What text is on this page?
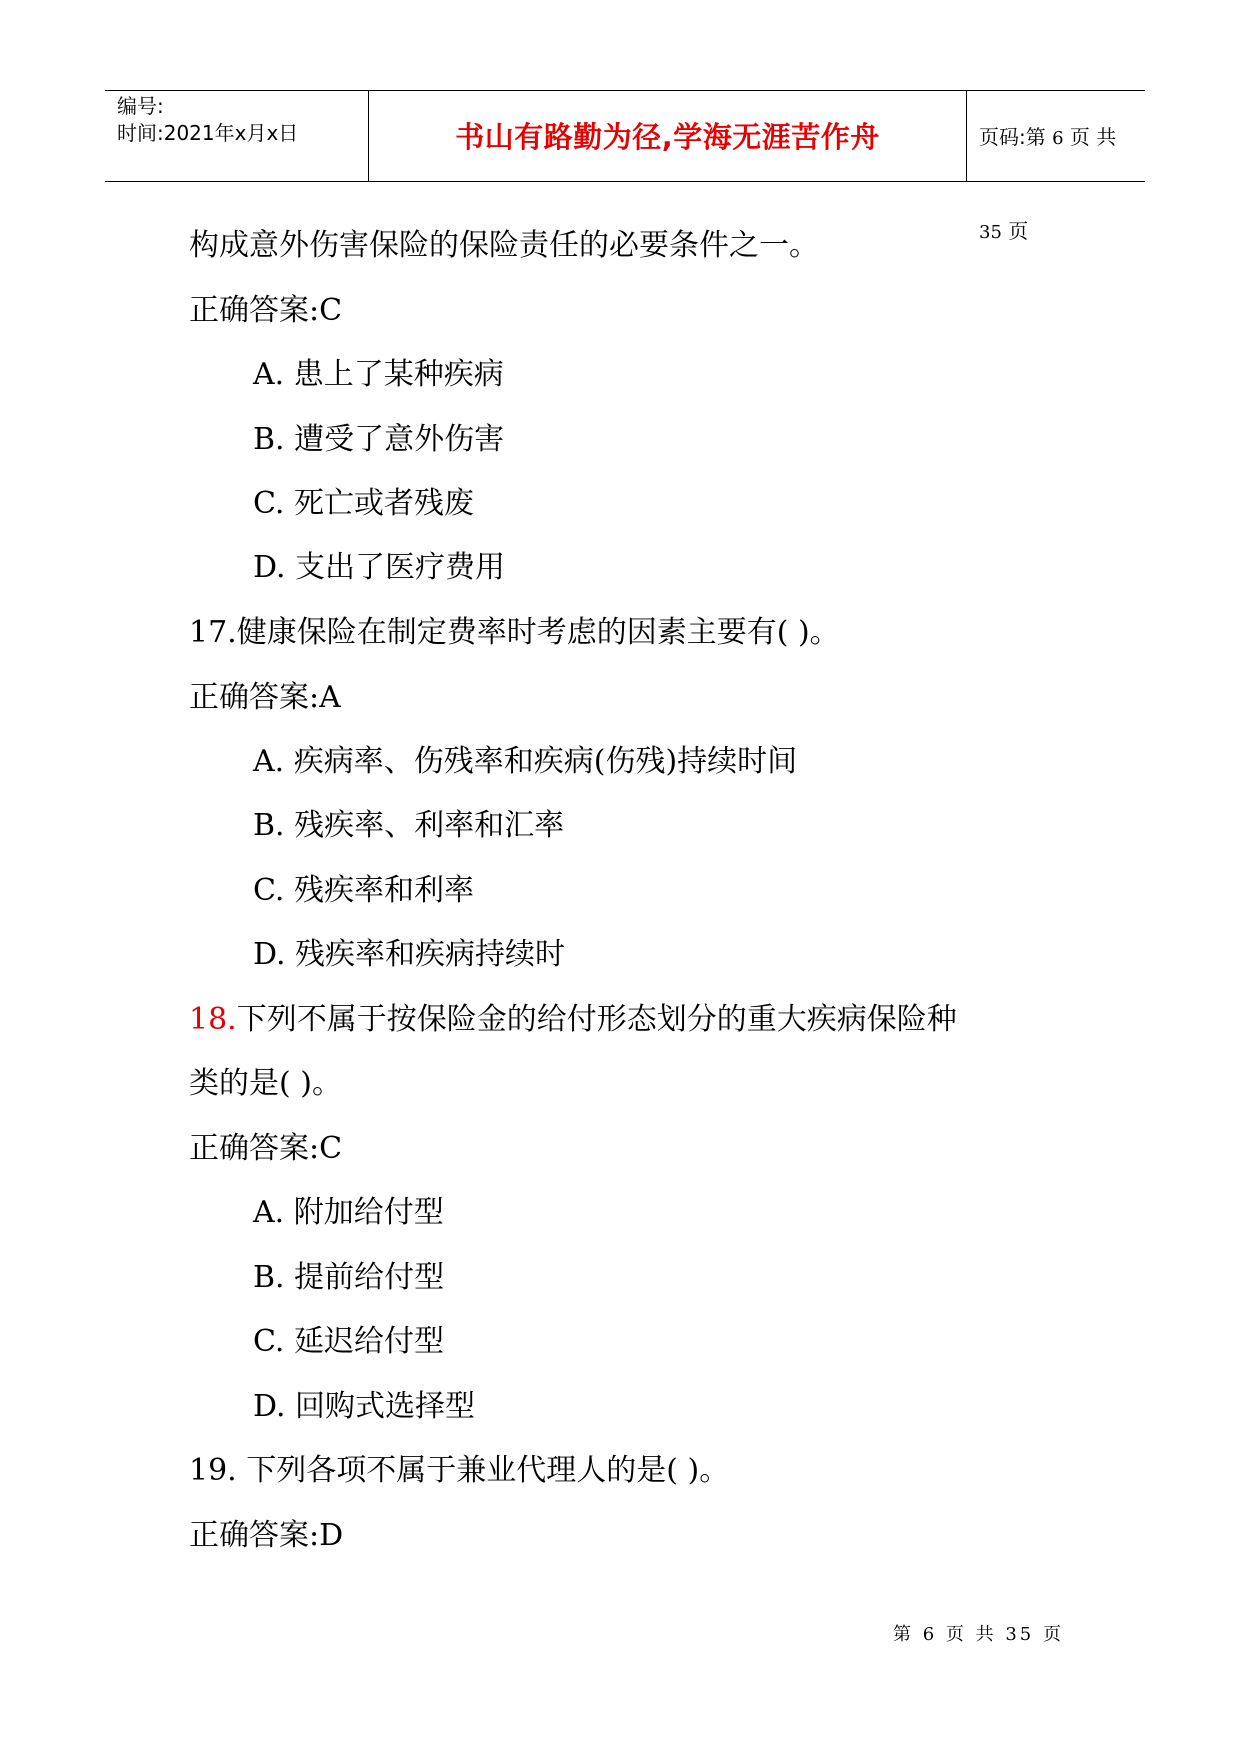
编号:
时间:2021年x月x日	书山有路勤为径,学海无涯苦作舟	页码:第 6 页 共 35 页
构成意外伤害保险的保险责任的必要条件之一。
正确答案:C
A. 患上了某种疾病
B. 遭受了意外伤害
C. 死亡或者残废
D. 支出了医疗费用
17.健康保险在制定费率时考虑的因素主要有( )。
正确答案:A
A. 疾病率、伤残率和疾病(伤残)持续时间
B. 残疾率、利率和汇率
C. 残疾率和利率
D. 残疾率和疾病持续时
18.下列不属于按保险金的给付形态划分的重大疾病保险种
类的是( )。
正确答案:C
A. 附加给付型
B. 提前给付型
C. 延迟给付型
D. 回购式选择型
19. 下列各项不属于兼业代理人的是( )。
正确答案:D
第 6 页 共 35 页
